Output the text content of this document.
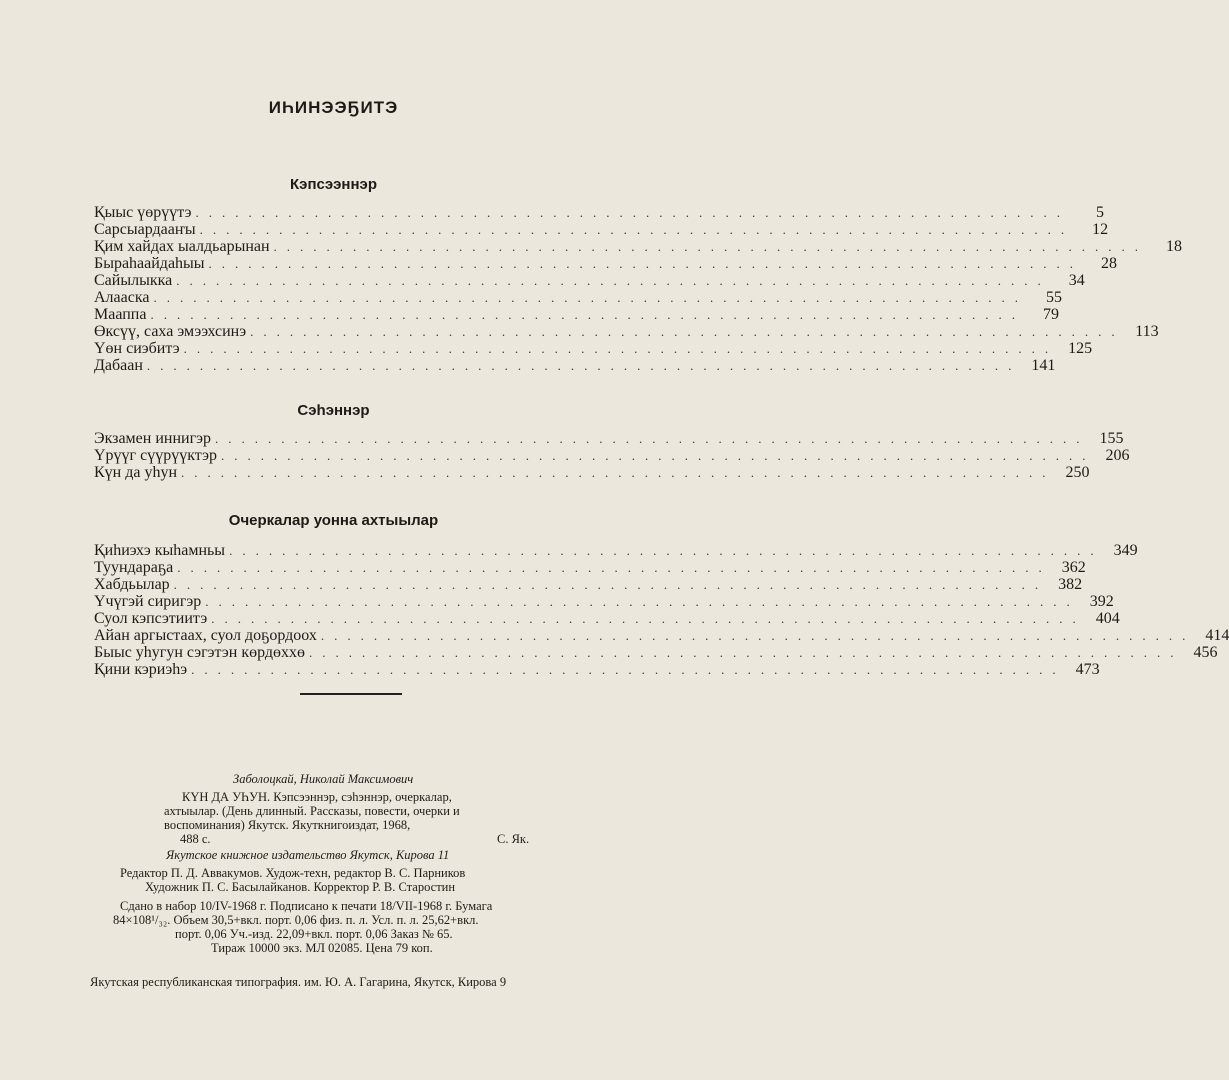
ИҺИНЭЭҔИТЭ
Кэпсээннэр
Қыыс үөрүүтэ ..................................................................	5
Сарсыардааҥы ..................................................................	12
Қим хайдах ыалдьарынан ..................................................................	18
Быраһаайдаһыы ..................................................................	28
Сайылыкка ..................................................................	34
Алааска ..................................................................	55
Мааппа ..................................................................	79
Өксүү, саха эмээхсинэ .................................................................. 113
Үөн сиэбитэ .................................................................. 125
Дабаан .................................................................. 141
Сэһэннэр
Экзамен иннигэр .................................................................. 155
Үрүүг сүүрүүктэр .................................................................. 206
Күн да уһун .................................................................. 250
Очеркалар уонна ахтыылар
Қиһиэхэ кыһамньы .................................................................. 349
Туундараҕа .................................................................. 362
Хабдьылар .................................................................. 382
Үчүгэй сиригэр .................................................................. 392
Суол кэпсэтиитэ .................................................................. 404
Айан аргыстаах, суол доҕордоох .................................................................. 414
Быыс уһугун сэгэтэн көрдөххө .................................................................. 456
Қини кэриэһэ .................................................................. 473
Заболоцкай, Николай Максимович
КҮН ДА УҺУН. Кэпсээннэр, сэһэннэр, очеркалар,
ахтыылар. (День длинный. Рассказы, повести, очерки и
воспоминания) Якутск. Якуткнигоиздат, 1968,
488 с.	С. Як.
Якутское книжное издательство Якутск, Кирова 11
Редактор П. Д. Аввакумов. Худож-техн, редактор В. С. Парников
Художник П. С. Басылайканов. Корректор Р. В. Старостин
Сдано в набор 10/IV-1968 г. Подписано к печати 18/VII-1968 г. Бумага
84×108¹/₃₂. Объем 30,5+вкл. порт. 0,06 физ. п. л. Усл. п. л. 25,62+вкл.
порт. 0,06 Уч.-изд. 22,09+вкл. порт. 0,06 Заказ № 65.
Тираж 10000 экз. МЛ 02085. Цена 79 коп.
Якутская республиканская типография. им. Ю. А. Гагарина, Якутск, Кирова 9
